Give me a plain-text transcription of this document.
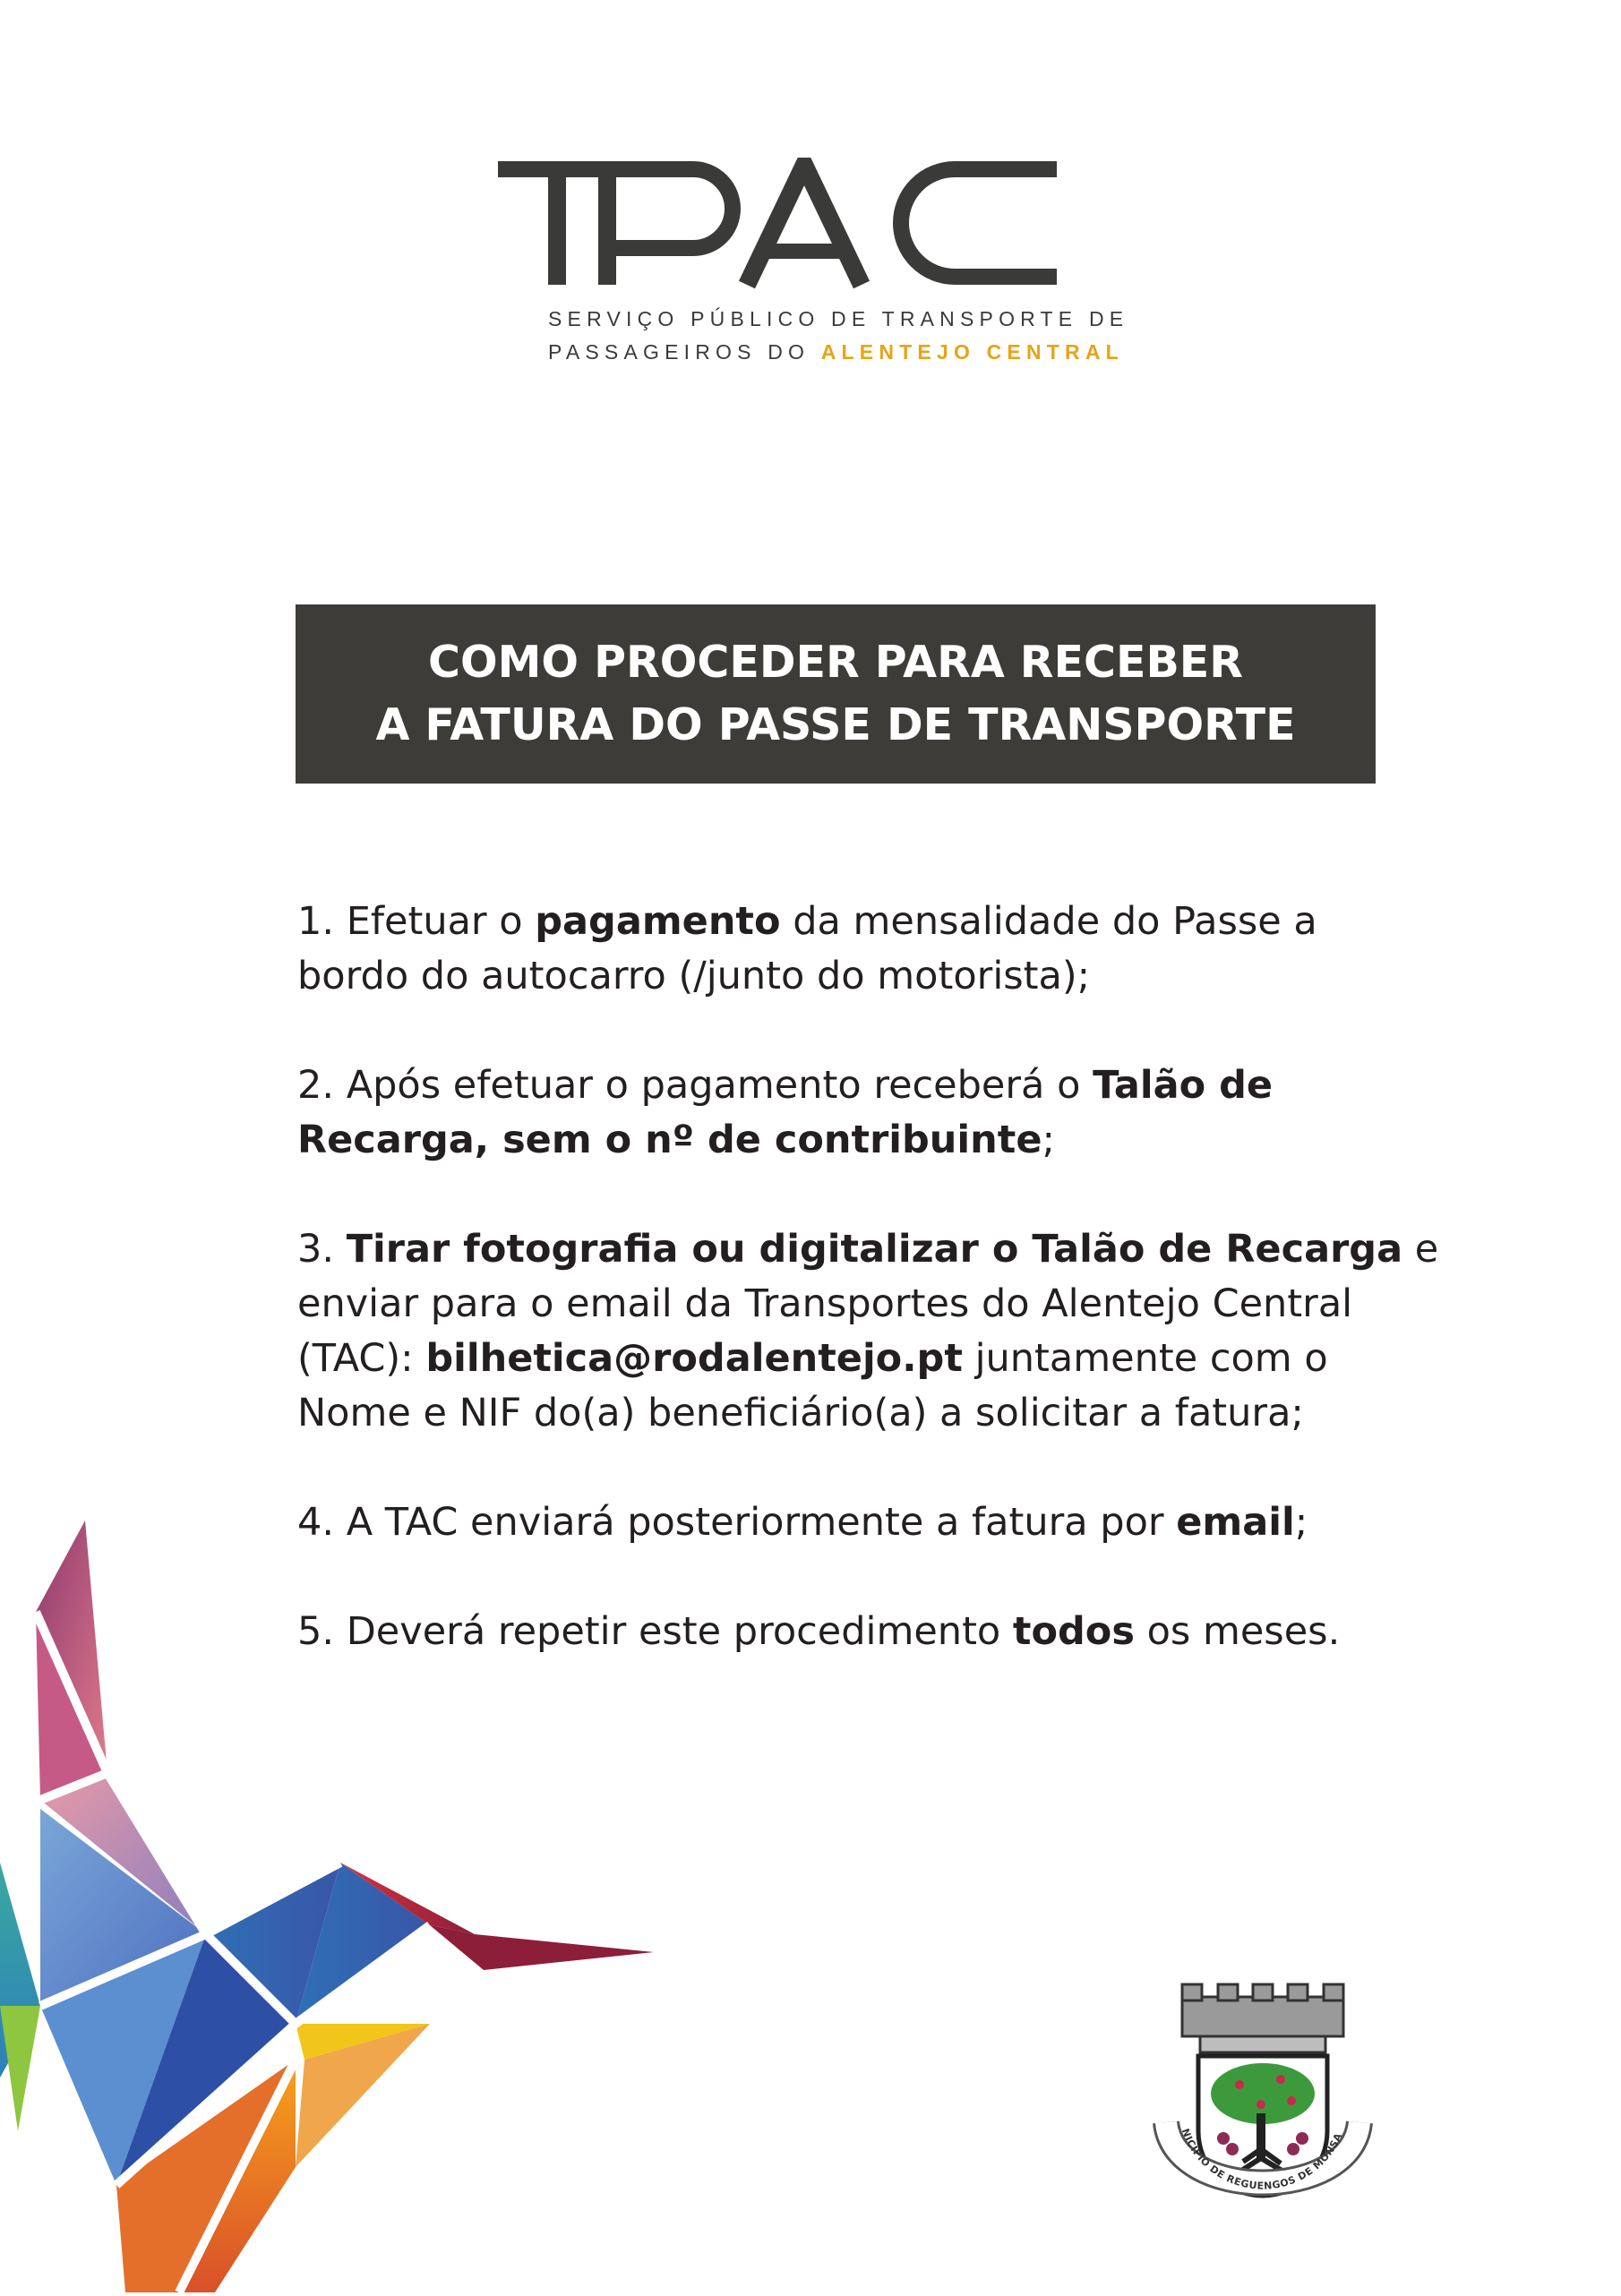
SERVIÇO PÚBLICO DE TRANSPORTE DE
PASSAGEIROS DO ALENTEJO CENTRAL
COMO PROCEDER PARA RECEBER
A FATURA DO PASSE DE TRANSPORTE
1. Efetuar o pagamento da mensalidade do Passe a
bordo do autocarro (/junto do motorista);
2. Após efetuar o pagamento receberá o Talão de
Recarga, sem o nº de contribuinte;
3. Tirar fotografia ou digitalizar o Talão de Recarga e
enviar para o email da Transportes do Alentejo Central
(TAC): bilhetica@rodalentejo.pt juntamente com o
Nome e NIF do(a) beneficiário(a) a solicitar a fatura;
4. A TAC enviará posteriormente a fatura por email;
5. Deverá repetir este procedimento todos os meses.
NICÍPIO DE REGUENGOS DE MONSA
